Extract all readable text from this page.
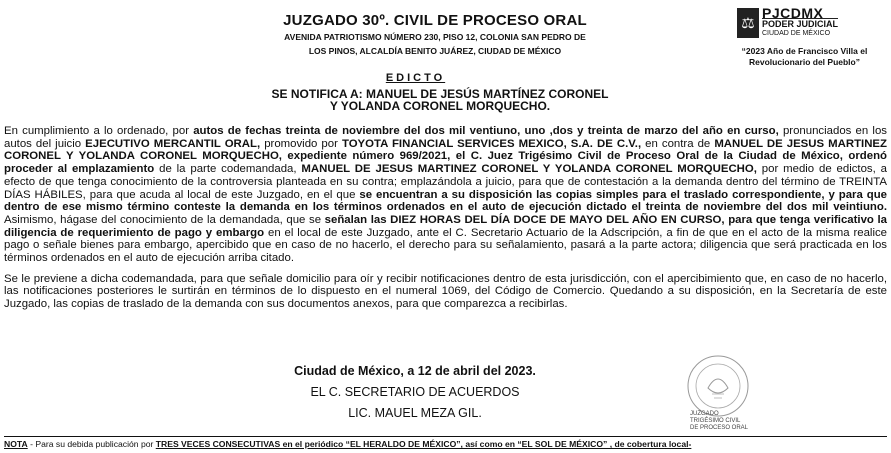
JUZGADO 30º. CIVIL DE PROCESO ORAL
AVENIDA PATRIOTISMO NÚMERO 230, PISO 12, COLONIA SAN PEDRO DE
LOS PINOS, ALCALDÍA BENITO JUÁREZ, CIUDAD DE MÉXICO
⚖
PJCDMX
PODER JUDICIAL
CIUDAD DE MÉXICO
“2023 Año de Francisco Villa el Revolucionario del Pueblo”
EDICTO
SE NOTIFICA A: MANUEL DE JESÚS MARTÍNEZ CORONEL
Y YOLANDA CORONEL MORQUECHO.

En cumplimiento a lo ordenado, por autos de fechas treinta de noviembre del dos mil ventiuno, uno ,dos y treinta de marzo del año en curso, pronunciados en los autos del juicio EJECUTIVO MERCANTIL ORAL, promovido por TOYOTA FINANCIAL SERVICES MEXICO, S.A. DE C.V., en contra de MANUEL DE JESUS MARTINEZ CORONEL Y YOLANDA CORONEL MORQUECHO, expediente número 969/2021, el C. Juez Trigésimo Civil de Proceso Oral de la Ciudad de México, ordenó proceder al emplazamiento de la parte codemandada, MANUEL DE JESUS MARTINEZ CORONEL Y YOLANDA CORONEL MORQUECHO, por medio de edictos, a efecto de que tenga conocimiento de la controversia planteada en su contra; emplazándola a juicio, para que de contestación a la demanda dentro del término de TREINTA DÍAS HÁBILES, para que acuda al local de este Juzgado, en el que se encuentran a su disposición las copias simples para el traslado correspondiente, y para que dentro de ese mismo término conteste la demanda en los términos ordenados en el auto de ejecución dictado el treinta de noviembre del dos mil veintiuno. Asimismo, hágase del conocimiento de la demandada, que se señalan las DIEZ HORAS DEL DÍA DOCE DE MAYO DEL AÑO EN CURSO, para que tenga verificativo la diligencia de requerimiento de pago y embargo en el local de este Juzgado, ante el C. Secretario Actuario de la Adscripción, a fin de que en el acto de la misma realice pago o señale bienes para embargo, apercibido que en caso de no hacerlo, el derecho para su señalamiento, pasará a la parte actora; diligencia que será practicada en los términos ordenados en el auto de ejecución arriba citado.

Se le previene a dicha codemandada, para que señale domicilio para oír y recibir notificaciones dentro de esta jurisdicción, con el apercibimiento que, en caso de no hacerlo, las notificaciones posteriores le surtirán en términos de lo dispuesto en el numeral 1069, del Código de Comercio. Quedando a su disposición, en la Secretaría de este Juzgado, las copias de traslado de la demanda con sus documentos anexos, para que comparezca a recibirlas.

Ciudad de México, a 12 de abril del 2023.
EL C. SECRETARIO DE ACUERDOS
LIC. MAUEL MEZA GIL.	JUZGADO TRIGÉSIMO CIVIL DE PROCESO ORAL
NOTA - Para su debida publicación por TRES VECES CONSECUTIVAS en el periódico “EL HERALDO DE MÉXICO”, así como en “EL SOL DE MÉXICO” , de cobertura local-
